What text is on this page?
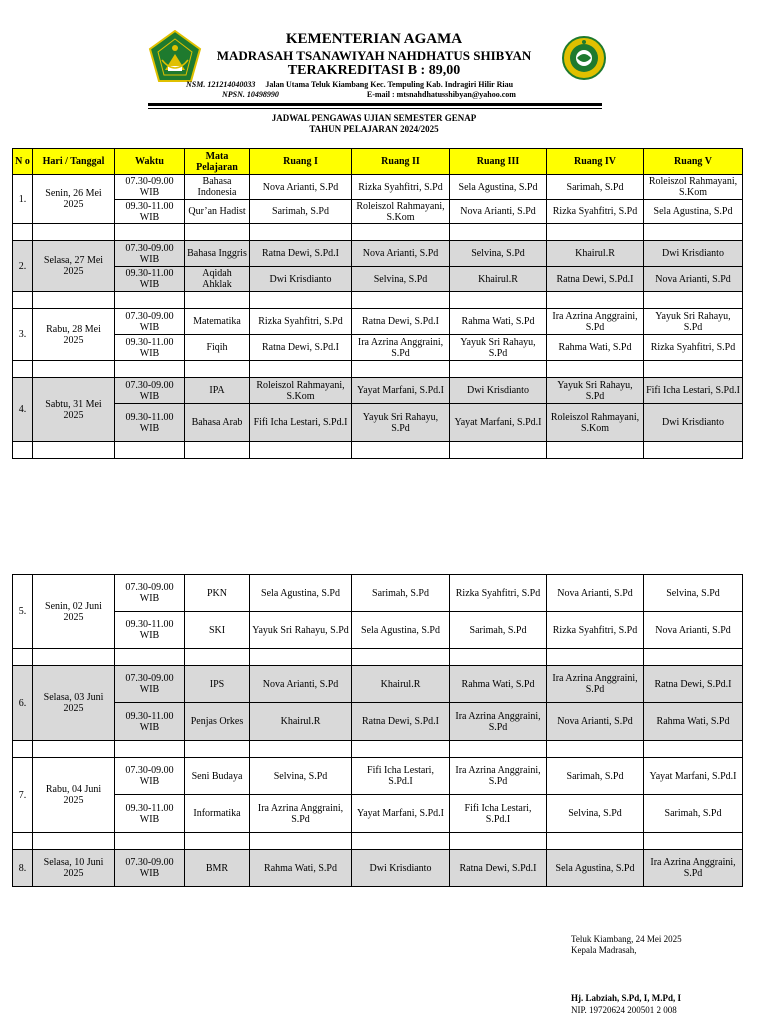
KEMENTERIAN AGAMA
MADRASAH TSANAWIYAH NAHDHATUS SHIBYAN
TERAKREDITASI B : 89,00
NSM. 121214040033 Jalan Utama Teluk Kiambang Kec. Tempuling Kab. Indragiri Hilir Riau
NPSN. 10498990	E-mail : mtsnahdhatusshibyan@yahoo.com
JADWAL PENGAWAS UJIAN SEMESTER GENAP
TAHUN PELAJARAN 2024/2025
N o	Hari / Tanggal	Waktu	Mata Pelajaran	Ruang I	Ruang II	Ruang III	Ruang IV	Ruang V
1.	Senin, 26 Mei 2025	07.30-09.00 WIB	Bahasa Indonesia	Nova Arianti, S.Pd	Rizka Syahfitri, S.Pd	Sela Agustina, S.Pd	Sarimah, S.Pd	Roleiszol Rahmayani, S.Kom
		09.30-11.00 WIB	Qur’an Hadist	Sarimah, S.Pd	Roleiszol Rahmayani, S.Kom	Nova Arianti, S.Pd	Rizka Syahfitri, S.Pd	Sela Agustina, S.Pd

2.	Selasa, 27 Mei 2025	07.30-09.00 WIB	Bahasa Inggris	Ratna Dewi, S.Pd.I	Nova Arianti, S.Pd	Selvina, S.Pd	Khairul.R	Dwi Krisdianto
		09.30-11.00 WIB	Aqidah Ahklak	Dwi Krisdianto	Selvina, S.Pd	Khairul.R	Ratna Dewi, S.Pd.I	Nova Arianti, S.Pd

3.	Rabu, 28 Mei 2025	07.30-09.00 WIB	Matematika	Rizka Syahfitri, S.Pd	Ratna Dewi, S.Pd.I	Rahma Wati, S.Pd	Ira Azrina Anggraini, S.Pd	Yayuk Sri Rahayu, S.Pd
		09.30-11.00 WIB	Fiqih	Ratna Dewi, S.Pd.I	Ira Azrina Anggraini, S.Pd	Yayuk Sri Rahayu, S.Pd	Rahma Wati, S.Pd	Rizka Syahfitri, S.Pd

4.	Sabtu, 31 Mei 2025	07.30-09.00 WIB	IPA	Roleiszol Rahmayani, S.Kom	Yayat Marfani, S.Pd.I	Dwi Krisdianto	Yayuk Sri Rahayu, S.Pd	Fifi Icha Lestari, S.Pd.I
		09.30-11.00 WIB	Bahasa Arab	Fifi Icha Lestari, S.Pd.I	Yayuk Sri Rahayu, S.Pd	Yayat Marfani, S.Pd.I	Roleiszol Rahmayani, S.Kom	Dwi Krisdianto

5.	Senin, 02 Juni 2025	07.30-09.00 WIB	PKN	Sela Agustina, S.Pd	Sarimah, S.Pd	Rizka Syahfitri, S.Pd	Nova Arianti, S.Pd	Selvina, S.Pd
		09.30-11.00 WIB	SKI	Yayuk Sri Rahayu, S.Pd	Sela Agustina, S.Pd	Sarimah, S.Pd	Rizka Syahfitri, S.Pd	Nova Arianti, S.Pd

6.	Selasa, 03 Juni 2025	07.30-09.00 WIB	IPS	Nova Arianti, S.Pd	Khairul.R	Rahma Wati, S.Pd	Ira Azrina Anggraini, S.Pd	Ratna Dewi, S.Pd.I
		09.30-11.00 WIB	Penjas Orkes	Khairul.R	Ratna Dewi, S.Pd.I	Ira Azrina Anggraini, S.Pd	Nova Arianti, S.Pd	Rahma Wati, S.Pd

7.	Rabu, 04 Juni 2025	07.30-09.00 WIB	Seni Budaya	Selvina, S.Pd	Fifi Icha Lestari, S.Pd.I	Ira Azrina Anggraini, S.Pd	Sarimah, S.Pd	Yayat Marfani, S.Pd.I
		09.30-11.00 WIB	Informatika	Ira Azrina Anggraini, S.Pd	Yayat Marfani, S.Pd.I	Fifi Icha Lestari, S.Pd.I	Selvina, S.Pd	Sarimah, S.Pd

8.	Selasa, 10 Juni 2025	07.30-09.00 WIB	BMR	Rahma Wati, S.Pd	Dwi Krisdianto	Ratna Dewi, S.Pd.I	Sela Agustina, S.Pd	Ira Azrina Anggraini, S.Pd
Teluk Kiambang, 24 Mei 2025
Kepala Madrasah,
Hj. Labziah, S.Pd, I, M.Pd, I
NIP. 19720624 200501 2 008
